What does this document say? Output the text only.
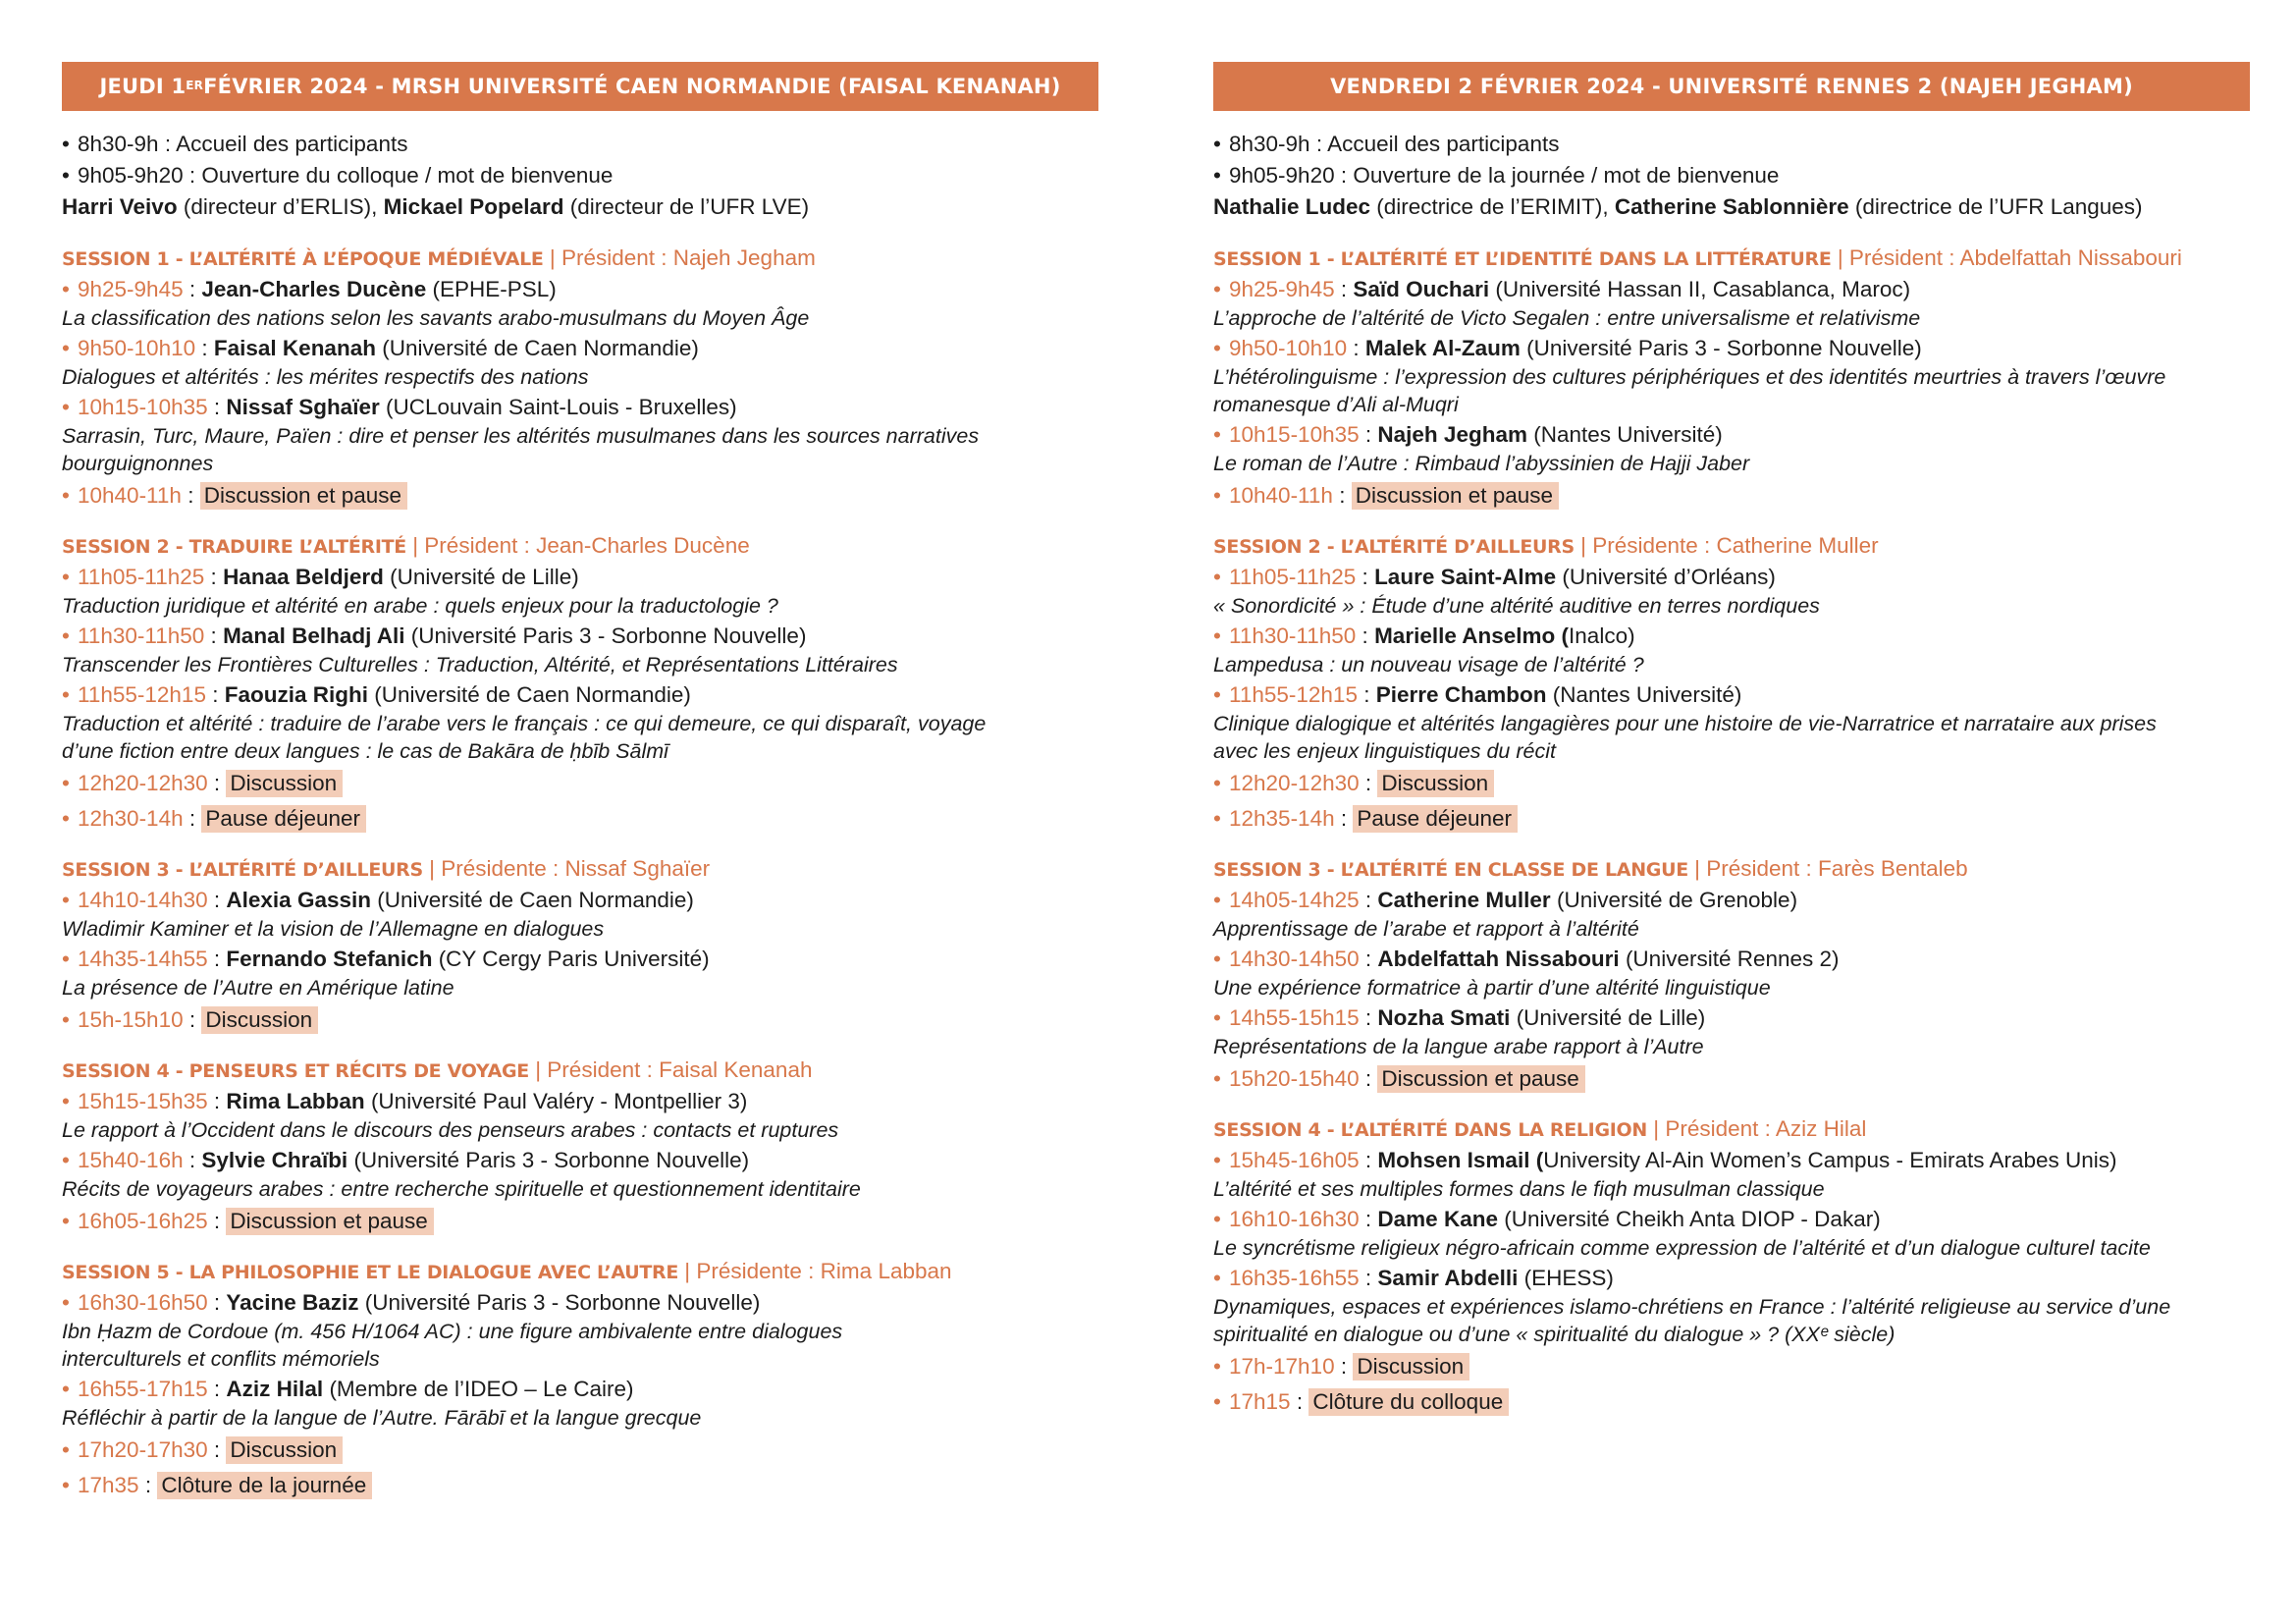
JEUDI 1ER FÉVRIER 2024 - MRSH UNIVERSITÉ CAEN NORMANDIE (FAISAL KENANAH)
• 8h30-9h : Accueil des participants
• 9h05-9h20 : Ouverture du colloque / mot de bienvenue
Harri Veivo (directeur d’ERLIS), Mickael Popelard (directeur de l’UFR LVE)
SESSION 1 - L’ALTÉRITÉ À L’ÉPOQUE MÉDIÉVALE | Président : Najeh Jegham
• 9h25-9h45 : Jean-Charles Ducène (EPHE-PSL)
La classification des nations selon les savants arabo-musulmans du Moyen Âge
• 9h50-10h10 : Faisal Kenanah (Université de Caen Normandie)
Dialogues et altérités : les mérites respectifs des nations
• 10h15-10h35 : Nissaf Sghaïer (UCLouvain Saint-Louis - Bruxelles)
Sarrasin, Turc, Maure, Païen : dire et penser les altérités musulmanes dans les sources narratives
bourguignonnes
• 10h40-11h : Discussion et pause
SESSION 2 - TRADUIRE L’ALTÉRITÉ | Président : Jean-Charles Ducène
• 11h05-11h25 : Hanaa Beldjerd (Université de Lille)
Traduction juridique et altérité en arabe : quels enjeux pour la traductologie ?
• 11h30-11h50 : Manal Belhadj Ali (Université Paris 3 - Sorbonne Nouvelle)
Transcender les Frontières Culturelles : Traduction, Altérité, et Représentations Littéraires
• 11h55-12h15 : Faouzia Righi (Université de Caen Normandie)
Traduction et altérité : traduire de l’arabe vers le français : ce qui demeure, ce qui disparaît, voyage
d’une fiction entre deux langues : le cas de Bakāra de ḥbīb Sālmī
• 12h20-12h30 : Discussion
• 12h30-14h : Pause déjeuner
SESSION 3 - L’ALTÉRITÉ D’AILLEURS | Présidente : Nissaf Sghaïer
• 14h10-14h30 : Alexia Gassin (Université de Caen Normandie)
Wladimir Kaminer et la vision de l’Allemagne en dialogues
• 14h35-14h55 : Fernando Stefanich (CY Cergy Paris Université)
La présence de l’Autre en Amérique latine
• 15h-15h10 : Discussion
SESSION 4 - PENSEURS ET RÉCITS DE VOYAGE | Président : Faisal Kenanah
• 15h15-15h35 : Rima Labban (Université Paul Valéry - Montpellier 3)
Le rapport à l’Occident dans le discours des penseurs arabes : contacts et ruptures
• 15h40-16h : Sylvie Chraïbi (Université Paris 3 - Sorbonne Nouvelle)
Récits de voyageurs arabes : entre recherche spirituelle et questionnement identitaire
• 16h05-16h25 : Discussion et pause
SESSION 5 - LA PHILOSOPHIE ET LE DIALOGUE AVEC L’AUTRE | Présidente : Rima Labban
• 16h30-16h50 : Yacine Baziz (Université Paris 3 - Sorbonne Nouvelle)
Ibn Ḥazm de Cordoue (m. 456 H/1064 AC) : une figure ambivalente entre dialogues
interculturels et conflits mémoriels
• 16h55-17h15 : Aziz Hilal (Membre de l’IDEO – Le Caire)
Réfléchir à partir de la langue de l’Autre. Fārābī et la langue grecque
• 17h20-17h30 : Discussion
• 17h35 : Clôture de la journée
VENDREDI 2 FÉVRIER 2024 - UNIVERSITÉ RENNES 2 (NAJEH JEGHAM)
• 8h30-9h : Accueil des participants
• 9h05-9h20 : Ouverture de la journée / mot de bienvenue
Nathalie Ludec (directrice de l’ERIMIT), Catherine Sablonnière (directrice de l’UFR Langues)
SESSION 1 - L’ALTÉRITÉ ET L’IDENTITÉ DANS LA LITTÉRATURE | Président : Abdelfattah Nissabouri
• 9h25-9h45 : Saïd Ouchari (Université Hassan II, Casablanca, Maroc)
L’approche de l’altérité de Victo Segalen : entre universalisme et relativisme
• 9h50-10h10 : Malek Al-Zaum (Université Paris 3 - Sorbonne Nouvelle)
L’hétérolinguisme : l’expression des cultures périphériques et des identités meurtries à travers l’œuvre
romanesque d’Ali al-Muqri
• 10h15-10h35 : Najeh Jegham (Nantes Université)
Le roman de l’Autre : Rimbaud l’abyssinien de Hajji Jaber
• 10h40-11h : Discussion et pause
SESSION 2 - L’ALTÉRITÉ D’AILLEURS | Présidente : Catherine Muller
• 11h05-11h25 : Laure Saint-Alme (Université d’Orléans)
« Sonordicité » : Étude d’une altérité auditive en terres nordiques
• 11h30-11h50 : Marielle Anselmo (Inalco)
Lampedusa : un nouveau visage de l’altérité ?
• 11h55-12h15 : Pierre Chambon (Nantes Université)
Clinique dialogique et altérités langagières pour une histoire de vie-Narratrice et narrataire aux prises
avec les enjeux linguistiques du récit
• 12h20-12h30 : Discussion
• 12h35-14h : Pause déjeuner
SESSION 3 - L’ALTÉRITÉ EN CLASSE DE LANGUE | Président : Farès Bentaleb
• 14h05-14h25 : Catherine Muller (Université de Grenoble)
Apprentissage de l’arabe et rapport à l’altérité
• 14h30-14h50 : Abdelfattah Nissabouri (Université Rennes 2)
Une expérience formatrice à partir d’une altérité linguistique
• 14h55-15h15 : Nozha Smati (Université de Lille)
Représentations de la langue arabe rapport à l’Autre
• 15h20-15h40 : Discussion et pause
SESSION 4 - L’ALTÉRITÉ DANS LA RELIGION | Président : Aziz Hilal
• 15h45-16h05 : Mohsen Ismail (University Al-Ain Women’s Campus - Emirats Arabes Unis)
L’altérité et ses multiples formes dans le fiqh musulman classique
• 16h10-16h30 : Dame Kane (Université Cheikh Anta DIOP - Dakar)
Le syncrétisme religieux négro-africain comme expression de l’altérité et d’un dialogue culturel tacite
• 16h35-16h55 : Samir Abdelli (EHESS)
Dynamiques, espaces et expériences islamo-chrétiens en France : l’altérité religieuse au service d’une
spiritualité en dialogue ou d’une « spiritualité du dialogue » ? (XXᵉ siècle)
• 17h-17h10 : Discussion
• 17h15 : Clôture du colloque
